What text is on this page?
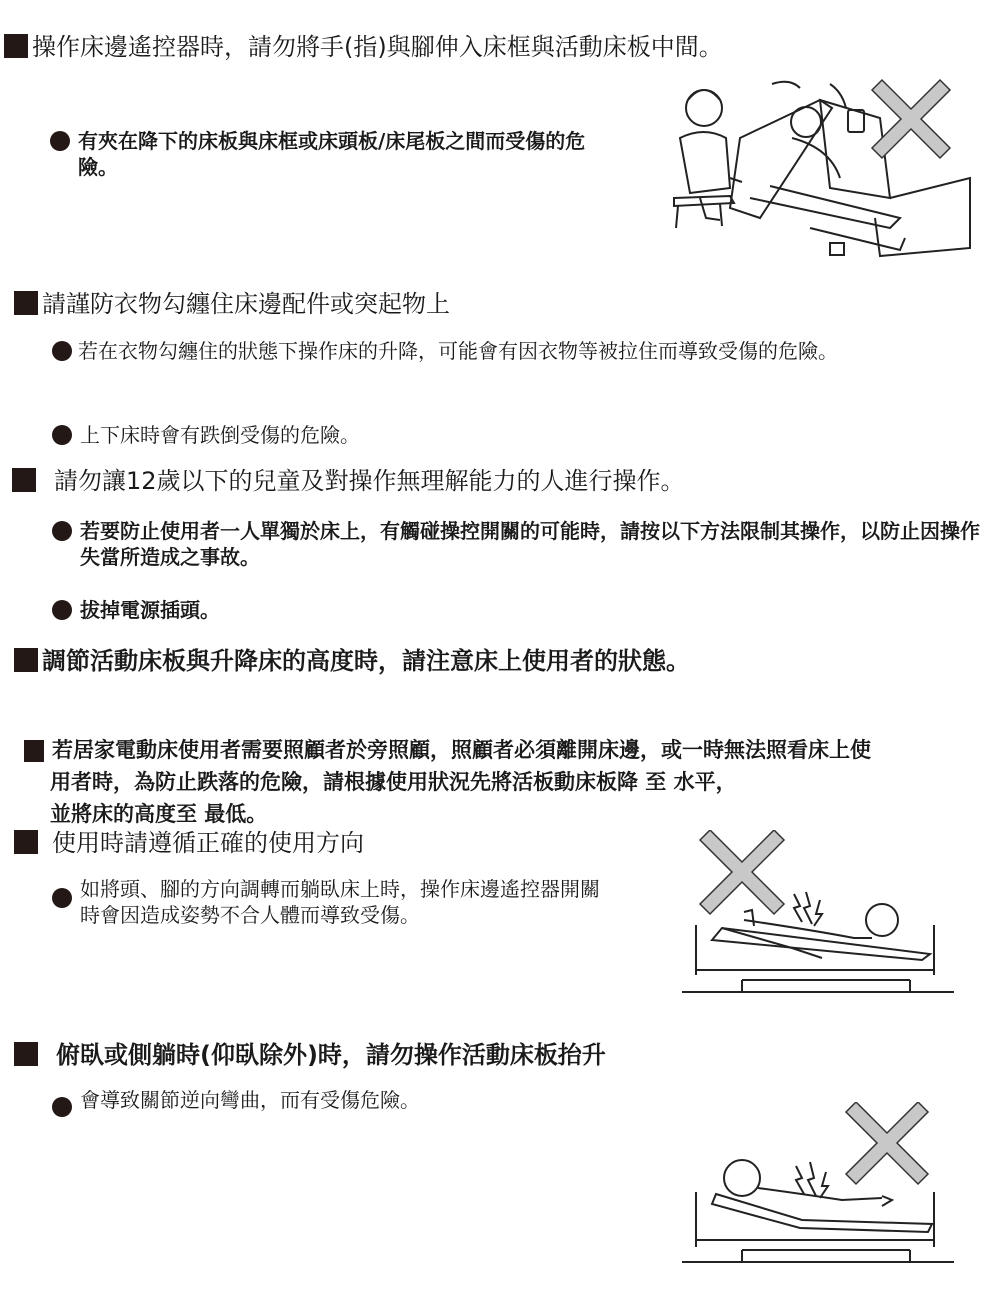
操作床邊遙控器時，請勿將手(指)與腳伸入床框與活動床板中間。
有夾在降下的床板與床框或床頭板/床尾板之間而受傷的危險。
請謹防衣物勾纏住床邊配件或突起物上
若在衣物勾纏住的狀態下操作床的升降，可能會有因衣物等被拉住而導致受傷的危險。
上下床時會有跌倒受傷的危險。
請勿讓12歲以下的兒童及對操作無理解能力的人進行操作。
若要防止使用者一人單獨於床上，有觸碰操控開關的可能時，請按以下方法限制其操作，以防止因操作失當所造成之事故。
拔掉電源插頭。
調節活動床板與升降床的高度時，請注意床上使用者的狀態。
若居家電動床使用者需要照顧者於旁照顧，照顧者必須離開床邊，或一時無法照看床上使
用者時，為防止跌落的危險，請根據使用狀況先將活板動床板降 至 水平，
並將床的高度至 最低。
使用時請遵循正確的使用方向
如將頭、腳的方向調轉而躺臥床上時，操作床邊遙控器開關時會因造成姿勢不合人體而導致受傷。
俯臥或側躺時(仰臥除外)時，請勿操作活動床板抬升
會導致關節逆向彎曲，而有受傷危險。
